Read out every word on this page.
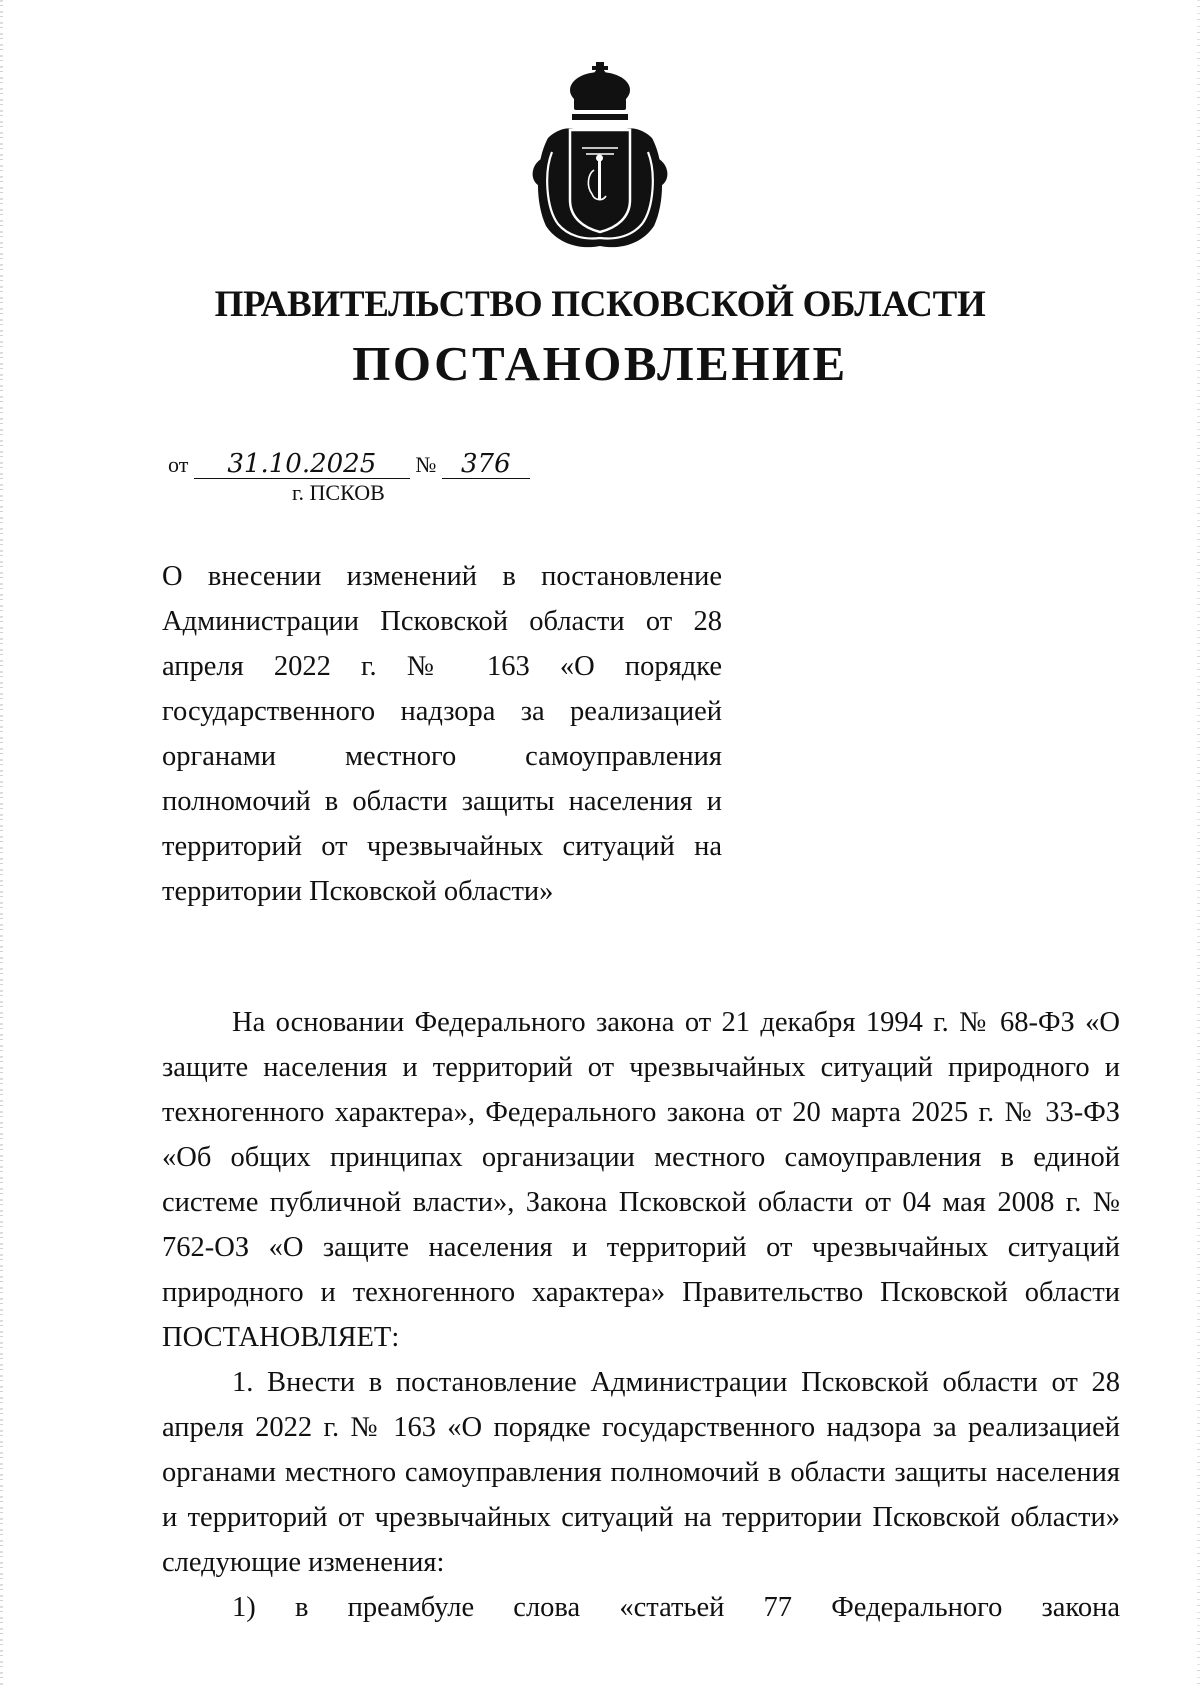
ПРАВИТЕЛЬСТВО ПСКОВСКОЙ ОБЛАСТИ
ПОСТАНОВЛЕНИЕ
от 31.10.2025 № 376
г. ПСКОВ
О внесении изменений в постановление Администрации Псковской области от 28 апреля 2022 г. № 163 «О порядке государственного надзора за реализацией органами местного самоуправления полномочий в области защиты населения и территорий от чрезвычайных ситуаций на территории Псковской области»

На основании Федерального закона от 21 декабря 1994 г. № 68-ФЗ «О защите населения и территорий от чрезвычайных ситуаций природного и техногенного характера», Федерального закона от 20 марта 2025 г. № 33-ФЗ «Об общих принципах организации местного самоуправления в единой системе публичной власти», Закона Псковской области от 04 мая 2008 г. № 762-ОЗ «О защите населения и территорий от чрезвычайных ситуаций природного и техногенного характера» Правительство Псковской области ПОСТАНОВЛЯЕТ:

1. Внести в постановление Администрации Псковской области от 28 апреля 2022 г. № 163 «О порядке государственного надзора за реализацией органами местного самоуправления полномочий в области защиты населения и территорий от чрезвычайных ситуаций на территории Псковской области» следующие изменения:

1) в преамбуле слова «статьей 77 Федерального закона
